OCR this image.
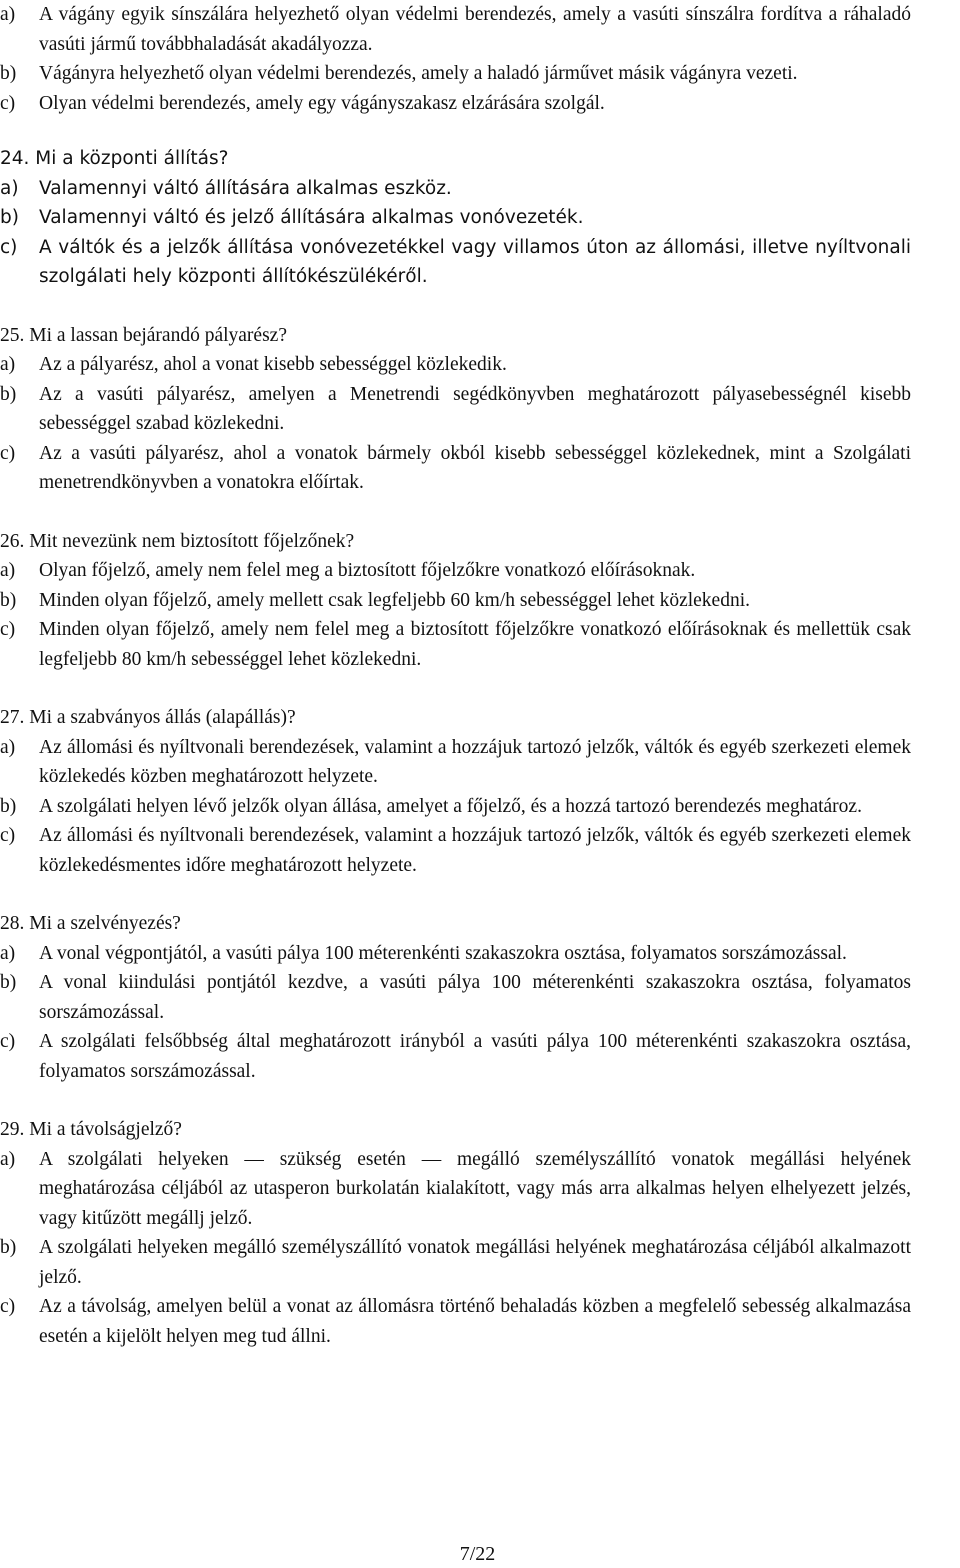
a)	A vágány egyik sínszálára helyezhető olyan védelmi berendezés, amely a vasúti sínszálra fordítva a ráhaladó vasúti jármű továbbhaladását akadályozza.
b)	Vágányra helyezhető olyan védelmi berendezés, amely a haladó járművet másik vágányra vezeti.
c)	Olyan védelmi berendezés, amely egy vágányszakasz elzárására szolgál.
24. Mi a központi állítás?
a)	Valamennyi váltó állítására alkalmas eszköz.
b)	Valamennyi váltó és jelző állítására alkalmas vonóvezeték.
c)	A váltók és a jelzők állítása vonóvezetékkel vagy villamos úton az állomási, illetve nyíltvonali szolgálati hely központi állítókészülékéről.
25. Mi a lassan bejárandó pályarész?
a)	Az a pályarész, ahol a vonat kisebb sebességgel közlekedik.
b)	Az a vasúti pályarész, amelyen a Menetrendi segédkönyvben meghatározott pályasebességnél kisebb sebességgel szabad közlekedni.
c)	Az a vasúti pályarész, ahol a vonatok bármely okból kisebb sebességgel közlekednek, mint a Szolgálati menetrendkönyvben a vonatokra előírtak.
26. Mit nevezünk nem biztosított főjelzőnek?
a)	Olyan főjelző, amely nem felel meg a biztosított főjelzőkre vonatkozó előírásoknak.
b)	Minden olyan főjelző, amely mellett csak legfeljebb 60 km/h sebességgel lehet közlekedni.
c)	Minden olyan főjelző, amely nem felel meg a biztosított főjelzőkre vonatkozó előírásoknak és mellettük csak legfeljebb 80 km/h sebességgel lehet közlekedni.
27. Mi a szabványos állás (alapállás)?
a)	Az állomási és nyíltvonali berendezések, valamint a hozzájuk tartozó jelzők, váltók és egyéb szerkezeti elemek közlekedés közben meghatározott helyzete.
b)	A szolgálati helyen lévő jelzők olyan állása, amelyet a főjelző, és a hozzá tartozó berendezés meghatároz.
c)	Az állomási és nyíltvonali berendezések, valamint a hozzájuk tartozó jelzők, váltók és egyéb szerkezeti elemek közlekedésmentes időre meghatározott helyzete.
28. Mi a szelvényezés?
a)	A vonal végpontjától, a vasúti pálya 100 méterenkénti szakaszokra osztása, folyamatos sorszámozással.
b)	A vonal kiindulási pontjától kezdve, a vasúti pálya 100 méterenkénti szakaszokra osztása, folyamatos sorszámozással.
c)	A szolgálati felsőbbség által meghatározott irányból a vasúti pálya 100 méterenkénti szakaszokra osztása, folyamatos sorszámozással.
29. Mi a távolságjelző?
a)	A szolgálati helyeken — szükség esetén — megálló személyszállító vonatok megállási helyének meghatározása céljából az utasperon burkolatán kialakított, vagy más arra alkalmas helyen elhelyezett jelzés, vagy kitűzött megállj jelző.
b)	A szolgálati helyeken megálló személyszállító vonatok megállási helyének meghatározása céljából alkalmazott jelző.
c)	Az a távolság, amelyen belül a vonat az állomásra történő behaladás közben a megfelelő sebesség alkalmazása esetén a kijelölt helyen meg tud állni.
7/22
